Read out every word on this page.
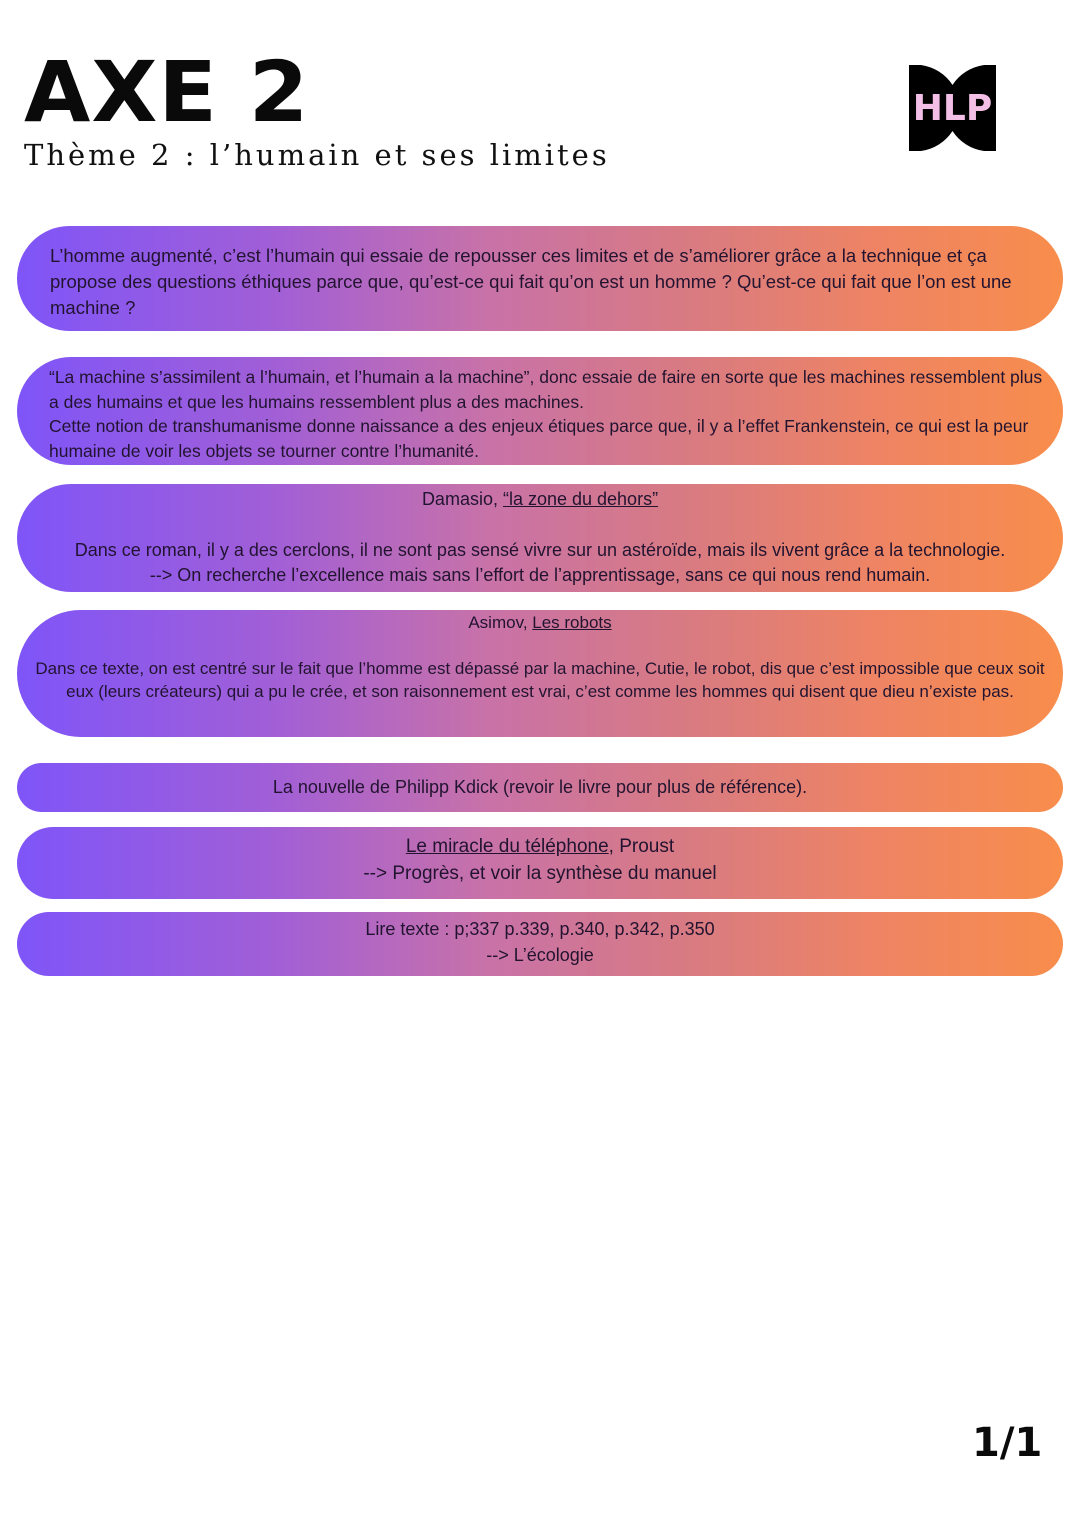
AXE 2
Thème 2 : l’humain et ses limites
HLP

L’homme augmenté, c’est l’humain qui essaie de repousser ces limites et de s’améliorer grâce a la technique et ça propose des questions éthiques parce que, qu’est-ce qui fait qu’on est un homme ? Qu’est-ce qui fait que l’on est une machine ?

“La machine s’assimilent a l’humain, et l’humain a la machine”, donc essaie de faire en sorte que les machines ressemblent plus a des humains et que les humains ressemblent plus a des machines.

Cette notion de transhumanisme donne naissance a des enjeux étiques parce que, il y a l’effet Frankenstein, ce qui est la peur humaine de voir les objets se tourner contre l’humanité.

Damasio, “la zone du dehors”

Dans ce roman, il y a des cerclons, il ne sont pas sensé vivre sur un astéroïde, mais ils vivent grâce a la technologie.

--> On recherche l’excellence mais sans l’effort de l’apprentissage, sans ce qui nous rend humain.

Asimov, Les robots

Dans ce texte, on est centré sur le fait que l’homme est dépassé par la machine, Cutie, le robot, dis que c’est impossible que ceux soit eux (leurs créateurs) qui a pu le crée, et son raisonnement est vrai, c’est comme les hommes qui disent que dieu n’existe pas.

La nouvelle de Philipp Kdick (revoir le livre pour plus de référence).

Le miracle du téléphone, Proust

--> Progrès, et voir la synthèse du manuel

Lire texte : p;337 p.339, p.340, p.342, p.350

--> L’écologie

1/1
